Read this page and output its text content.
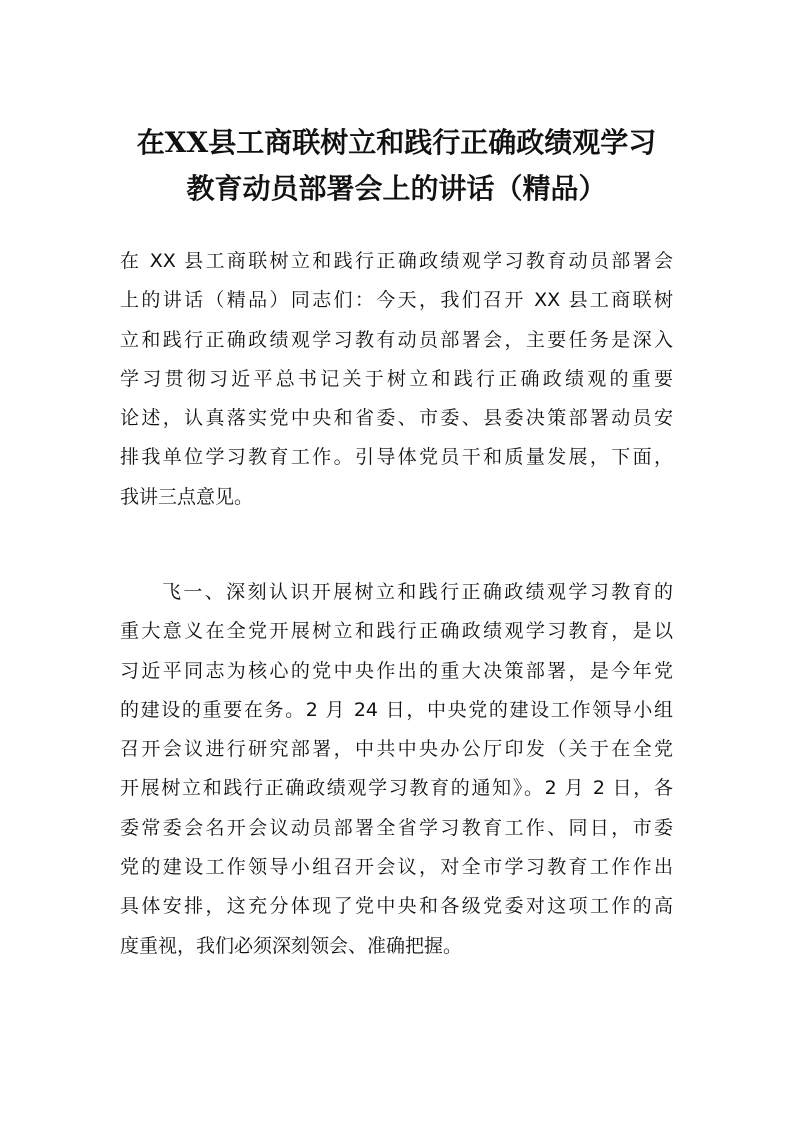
在XX县工商联树立和践行正确政绩观学习
教育动员部署会上的讲话（精品）
在 XX 县工商联树立和践行正确政绩观学习教育动员部署会
上的讲话（精品）同志们：今天，我们召开 XX 县工商联树
立和践行正确政绩观学习教有动员部署会，主要任务是深入
学习贯彻习近平总书记关于树立和践行正确政绩观的重要
论述，认真落实党中央和省委、市委、县委决策部署动员安
排我单位学习教育工作。引导体党员干和质量发展，下面，
我讲三点意见。
飞一、深刻认识开展树立和践行正确政绩观学习教育的
重大意义在全党开展树立和践行正确政绩观学习教育，是以
习近平同志为核心的党中央作出的重大决策部署，是今年党
的建设的重要在务。2 月 24 日，中央党的建设工作领导小组
召开会议进行研究部署，中共中央办公厅印发（关于在全党
开展树立和践行正确政绩观学习教育的通知》。2 月 2 日，各
委常委会名开会议动员部署全省学习教育工作、同日，市委
党的建设工作领导小组召开会议，对全市学习教育工作作出
具体安排，这充分体现了党中央和各级党委对这项工作的高
度重视，我们必须深刻领会、准确把握。
